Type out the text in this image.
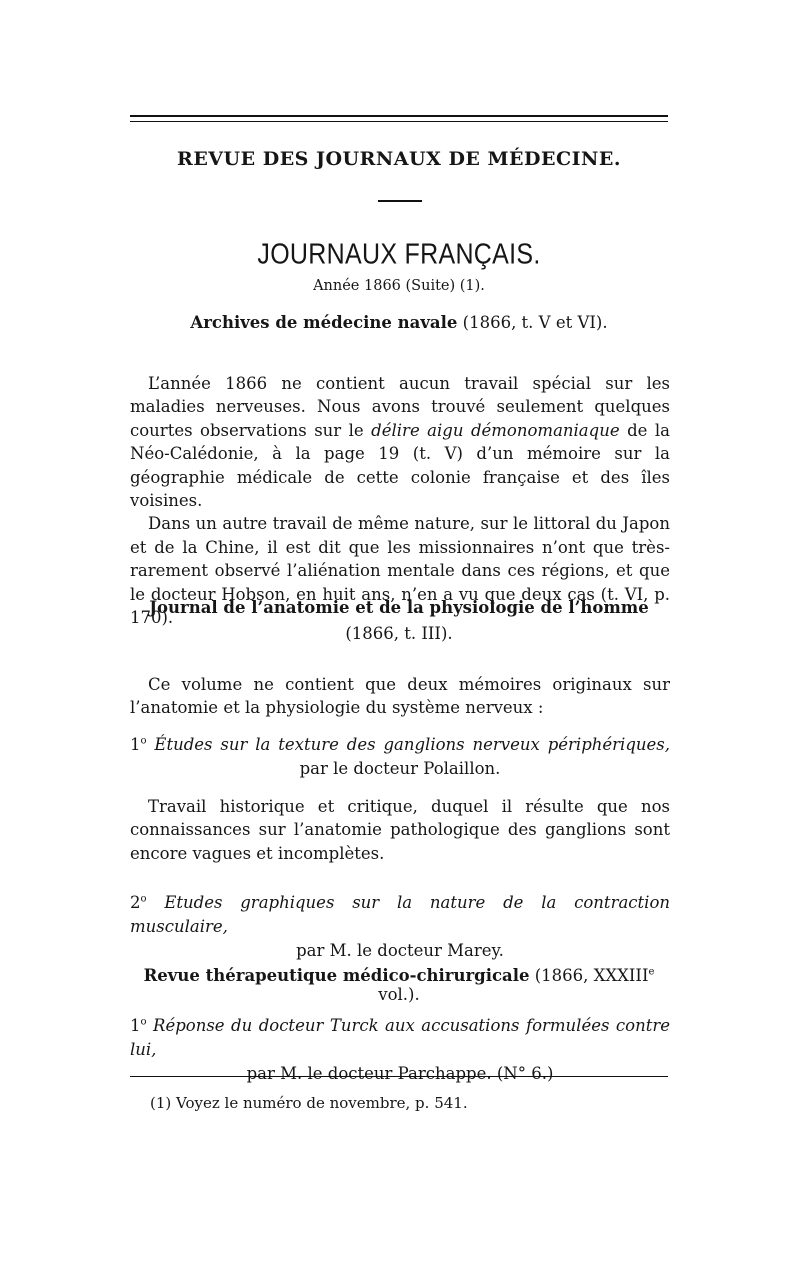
REVUE DES JOURNAUX DE MÉDECINE.
JOURNAUX FRANÇAIS.
Année 1866 (Suite) (1).
Archives de médecine navale (1866, t. V et VI).

L’année 1866 ne contient aucun travail spécial sur les maladies nerveuses. Nous avons trouvé seulement quelques courtes observations sur le délire aigu démonomaniaque de la Néo-Calédonie, à la page 19 (t. V) d’un mémoire sur la géographie médicale de cette colonie française et des îles voisines.

Dans un autre travail de même nature, sur le littoral du Japon et de la Chine, il est dit que les missionnaires n’ont que très-rarement observé l’aliénation mentale dans ces régions, et que le docteur Hobson, en huit ans, n’en a vu que deux cas (t. VI, p. 170).

Journal de l’anatomie et de la physiologie de l’homme
(1866, t. III).

Ce volume ne contient que deux mémoires originaux sur l’anatomie et la physiologie du système nerveux :

1$^o$ Études sur la texture des ganglions nerveux périphériques,
par le docteur Polaillon.

Travail historique et critique, duquel il résulte que nos connaissances sur l’anatomie pathologique des ganglions sont encore vagues et incomplètes.

2$^o$ Etudes graphiques sur la nature de la contraction musculaire,
par M. le docteur Marey.
Revue thérapeutique médico-chirurgicale (1866, XXXIIIe vol.).
1$^o$ Réponse du docteur Turck aux accusations formulées contre lui,
par M. le docteur Parchappe. (N° 6.)
(1) Voyez le numéro de novembre, p. 541.
